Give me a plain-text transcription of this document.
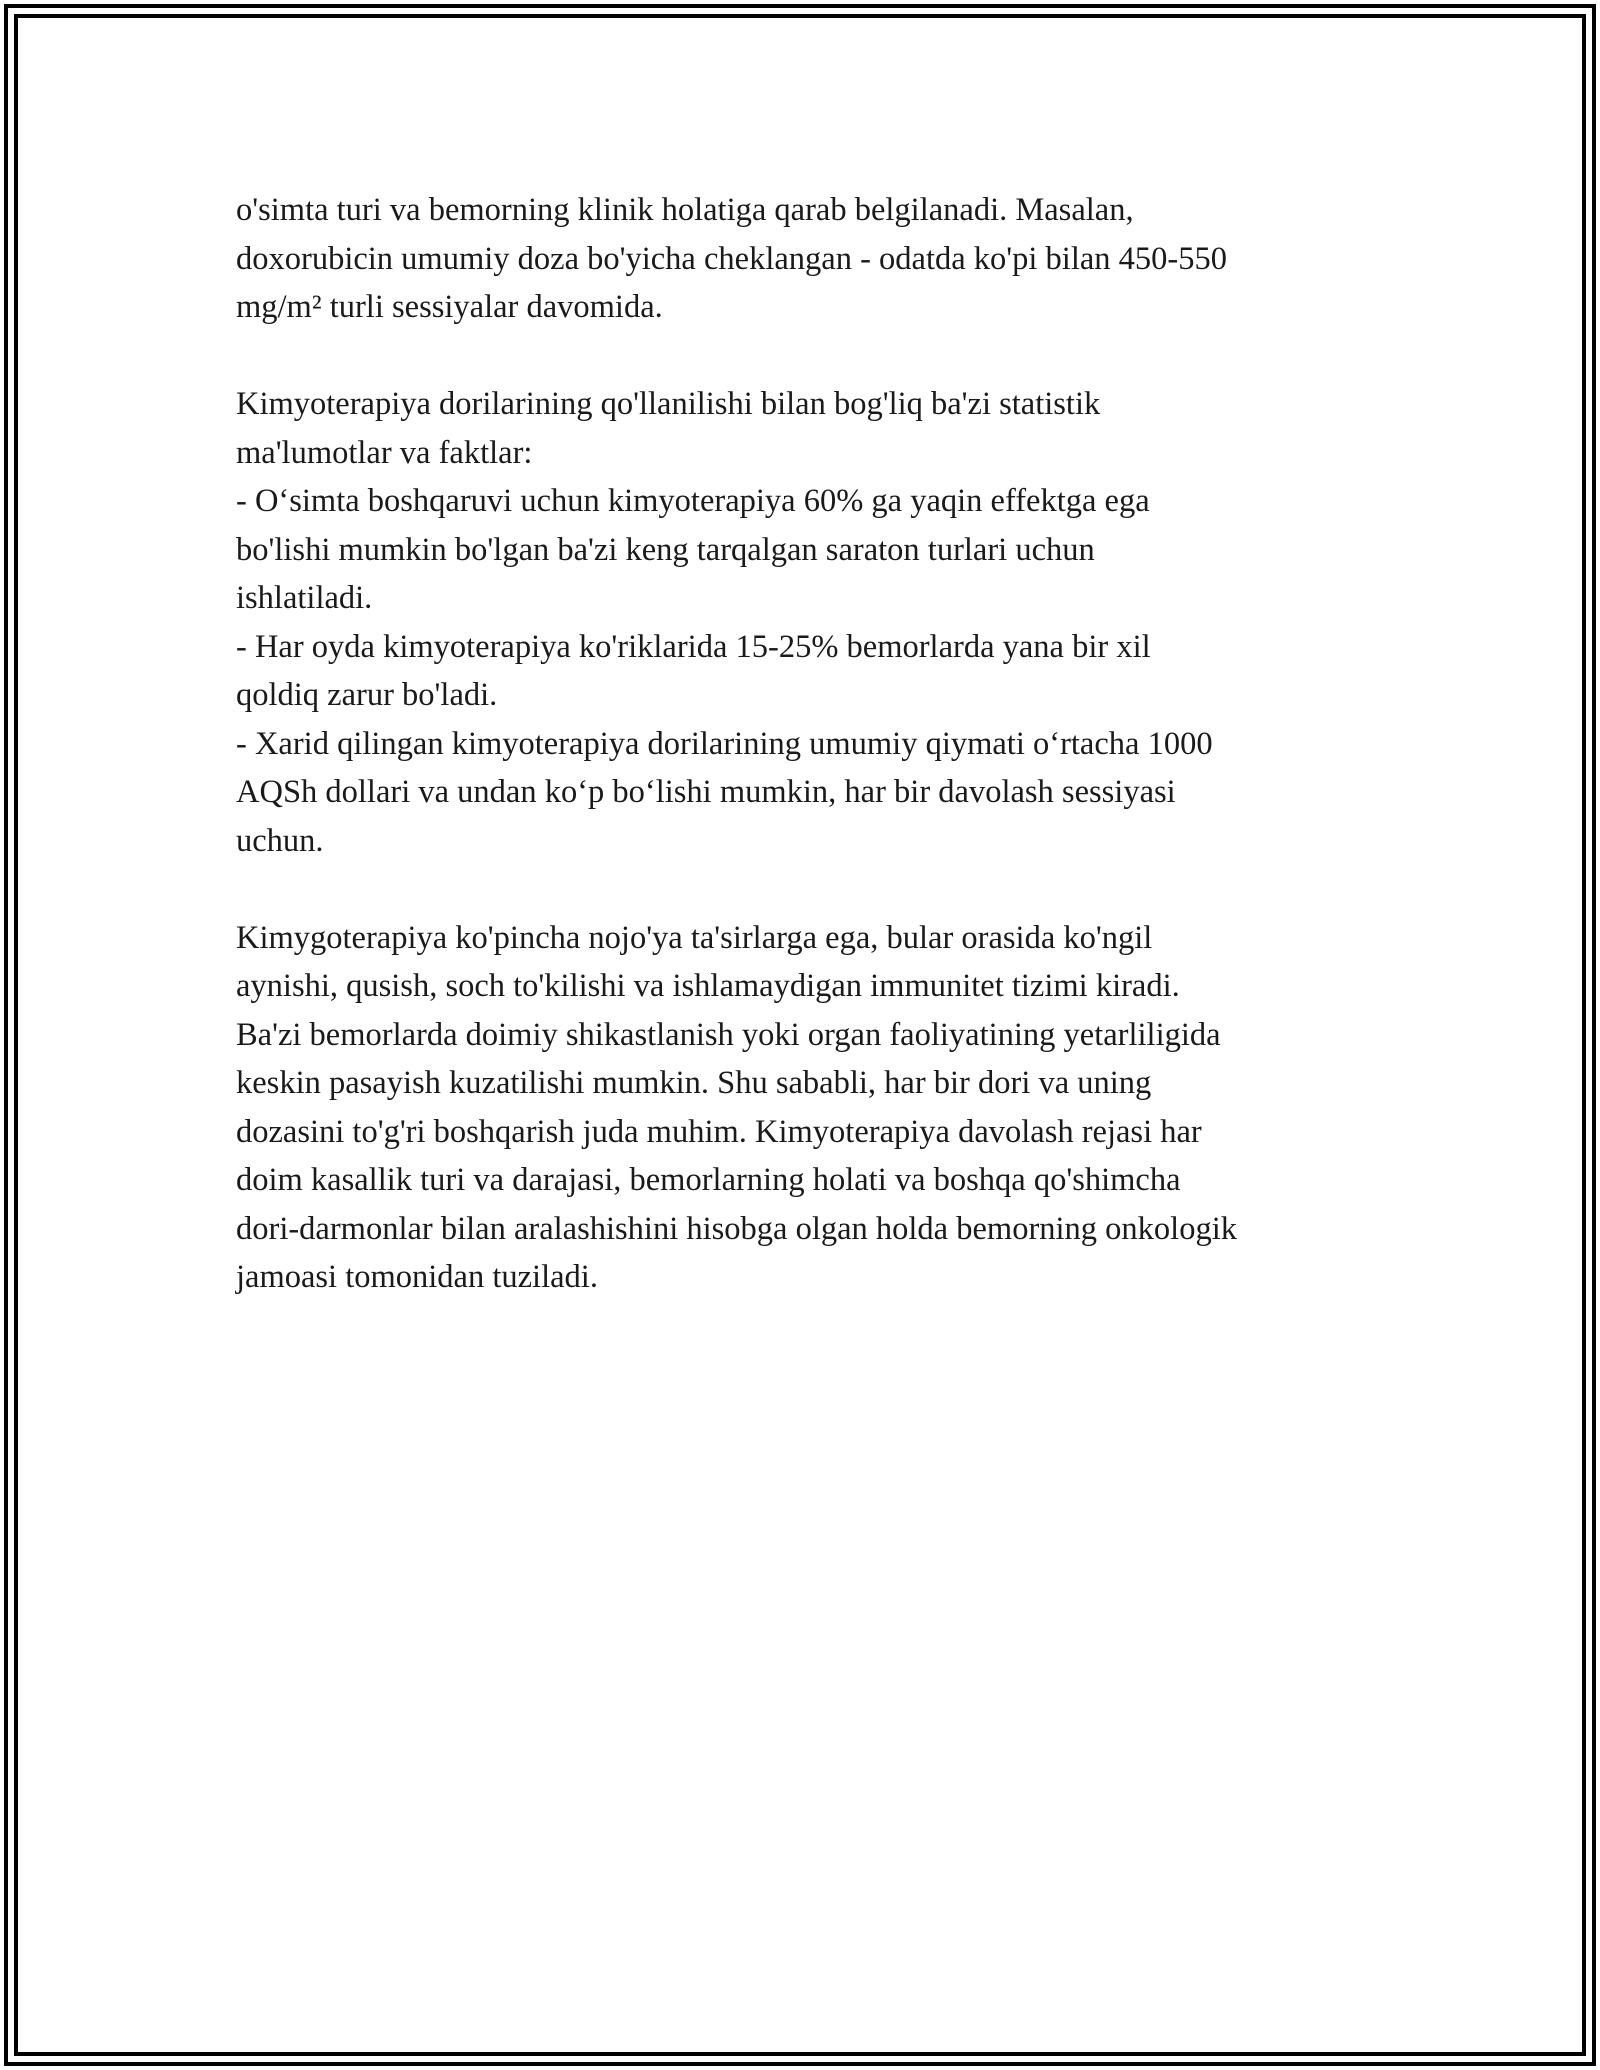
o'simta turi va bemorning klinik holatiga qarab belgilanadi. Masalan,
doxorubicin umumiy doza bo'yicha cheklangan - odatda ko'pi bilan 450-550
mg/m² turli sessiyalar davomida.
Kimyoterapiya dorilarining qo'llanilishi bilan bog'liq ba'zi statistik
ma'lumotlar va faktlar:
- O‘simta boshqaruvi uchun kimyoterapiya 60% ga yaqin effektga ega
bo'lishi mumkin bo'lgan ba'zi keng tarqalgan saraton turlari uchun
ishlatiladi.
- Har oyda kimyoterapiya ko'riklarida 15-25% bemorlarda yana bir xil
qoldiq zarur bo'ladi.
- Xarid qilingan kimyoterapiya dorilarining umumiy qiymati o‘rtacha 1000
AQSh dollari va undan ko‘p bo‘lishi mumkin, har bir davolash sessiyasi
uchun.
Kimygoterapiya ko'pincha nojo'ya ta'sirlarga ega, bular orasida ko'ngil
aynishi, qusish, soch to'kilishi va ishlamaydigan immunitet tizimi kiradi.
Ba'zi bemorlarda doimiy shikastlanish yoki organ faoliyatining yetarliligida
keskin pasayish kuzatilishi mumkin. Shu sababli, har bir dori va uning
dozasini to'g'ri boshqarish juda muhim. Kimyoterapiya davolash rejasi har
doim kasallik turi va darajasi, bemorlarning holati va boshqa qo'shimcha
dori-darmonlar bilan aralashishini hisobga olgan holda bemorning onkologik
jamoasi tomonidan tuziladi.
